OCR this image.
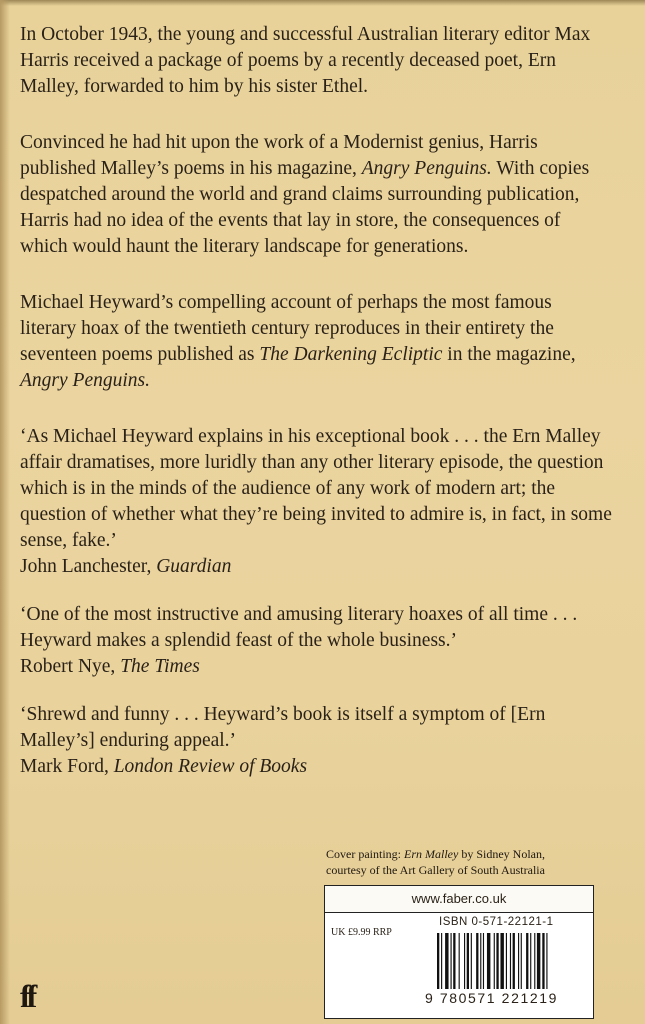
In October 1943, the young and successful Australian literary editor Max Harris received a package of poems by a recently deceased poet, Ern Malley, forwarded to him by his sister Ethel.

Convinced he had hit upon the work of a Modernist genius, Harris published Malley’s poems in his magazine, Angry Penguins. With copies despatched around the world and grand claims surrounding publication, Harris had no idea of the events that lay in store, the consequences of which would haunt the literary landscape for generations.

Michael Heyward’s compelling account of perhaps the most famous literary hoax of the twentieth century reproduces in their entirety the seventeen poems published as The Darkening Ecliptic in the magazine, Angry Penguins.

‘As Michael Heyward explains in his exceptional book . . . the Ern Malley affair dramatises, more luridly than any other literary episode, the question which is in the minds of the audience of any work of modern art; the question of whether what they’re being invited to admire is, in fact, in some sense, fake.’

John Lanchester, Guardian

‘One of the most instructive and amusing literary hoaxes of all time . . . Heyward makes a splendid feast of the whole business.’

Robert Nye, The Times

‘Shrewd and funny . . . Heyward’s book is itself a symptom of [Ern Malley’s] enduring appeal.’

Mark Ford, London Review of Books

Cover painting: Ern Malley by Sidney Nolan,
courtesy of the Art Gallery of South Australia
www.faber.co.uk
ISBN 0-571-22121-1
UK £9.99 RRP
9 780571 221219
ff
